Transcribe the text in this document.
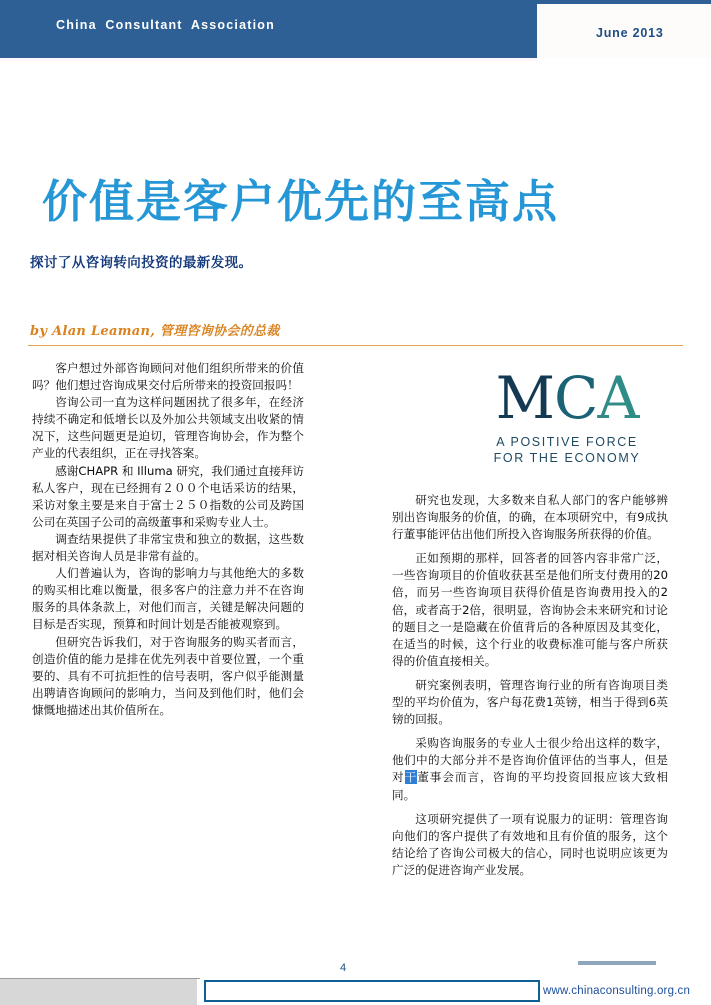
China Consultant Association
June 2013
价值是客户优先的至高点
探讨了从咨询转向投资的最新发现。
by Alan Leaman, 管理咨询协会的总裁

客户想过外部咨询顾问对他们组织所带来的价值吗？他们想过咨询成果交付后所带来的投资回报吗！

咨询公司一直为这样问题困扰了很多年，在经济持续不确定和低增长以及外加公共领域支出收紧的情况下，这些问题更是迫切，管理咨询协会，作为整个产业的代表组织，正在寻找答案。

感谢CHAPR 和 Illuma 研究，我们通过直接拜访私人客户，现在已经拥有２００个电话采访的结果，采访对象主要是来自于富士２５０指数的公司及跨国公司在英国子公司的高级董事和采购专业人士。

调查结果提供了非常宝贵和独立的数据，这些数据对相关咨询人员是非常有益的。

人们普遍认为，咨询的影响力与其他绝大的多数的购买相比难以衡量，很多客户的注意力并不在咨询服务的具体条款上，对他们而言，关键是解决问题的目标是否实现，预算和时间计划是否能被观察到。

但研究告诉我们，对于咨询服务的购买者而言，创造价值的能力是排在优先列表中首要位置，一个重要的、具有不可抗拒性的信号表明，客户似乎能测量出聘请咨询顾问的影响力，当问及到他们时，他们会慷慨地描述出其价值所在。

MCA
A POSITIVE FORCE
FOR THE ECONOMY

研究也发现，大多数来自私人部门的客户能够辨别出咨询服务的价值，的确，在本项研究中，有9成执行董事能评估出他们所投入咨询服务所获得的价值。

正如预期的那样，回答者的回答内容非常广泛，一些咨询项目的价值收获甚至是他们所支付费用的20倍，而另一些咨询项目获得价值是咨询费用投入的2倍，或者高于2倍，很明显，咨询协会未来研究和讨论的题目之一是隐藏在价值背后的各种原因及其变化，在适当的时候，这个行业的收费标准可能与客户所获得的价值直接相关。

研究案例表明，管理咨询行业的所有咨询项目类型的平均价值为，客户每花费1英镑，相当于得到6英镑的回报。

采购咨询服务的专业人士很少给出这样的数字，他们中的大部分并不是咨询价值评估的当事人，但是对干董事会而言，咨询的平均投资回报应该大致相同。

这项研究提供了一项有说服力的证明：管理咨询向他们的客户提供了有效地和且有价值的服务，这个结论给了咨询公司极大的信心，同时也说明应该更为广泛的促进咨询产业发展。

4
www.chinaconsulting.org.cn
